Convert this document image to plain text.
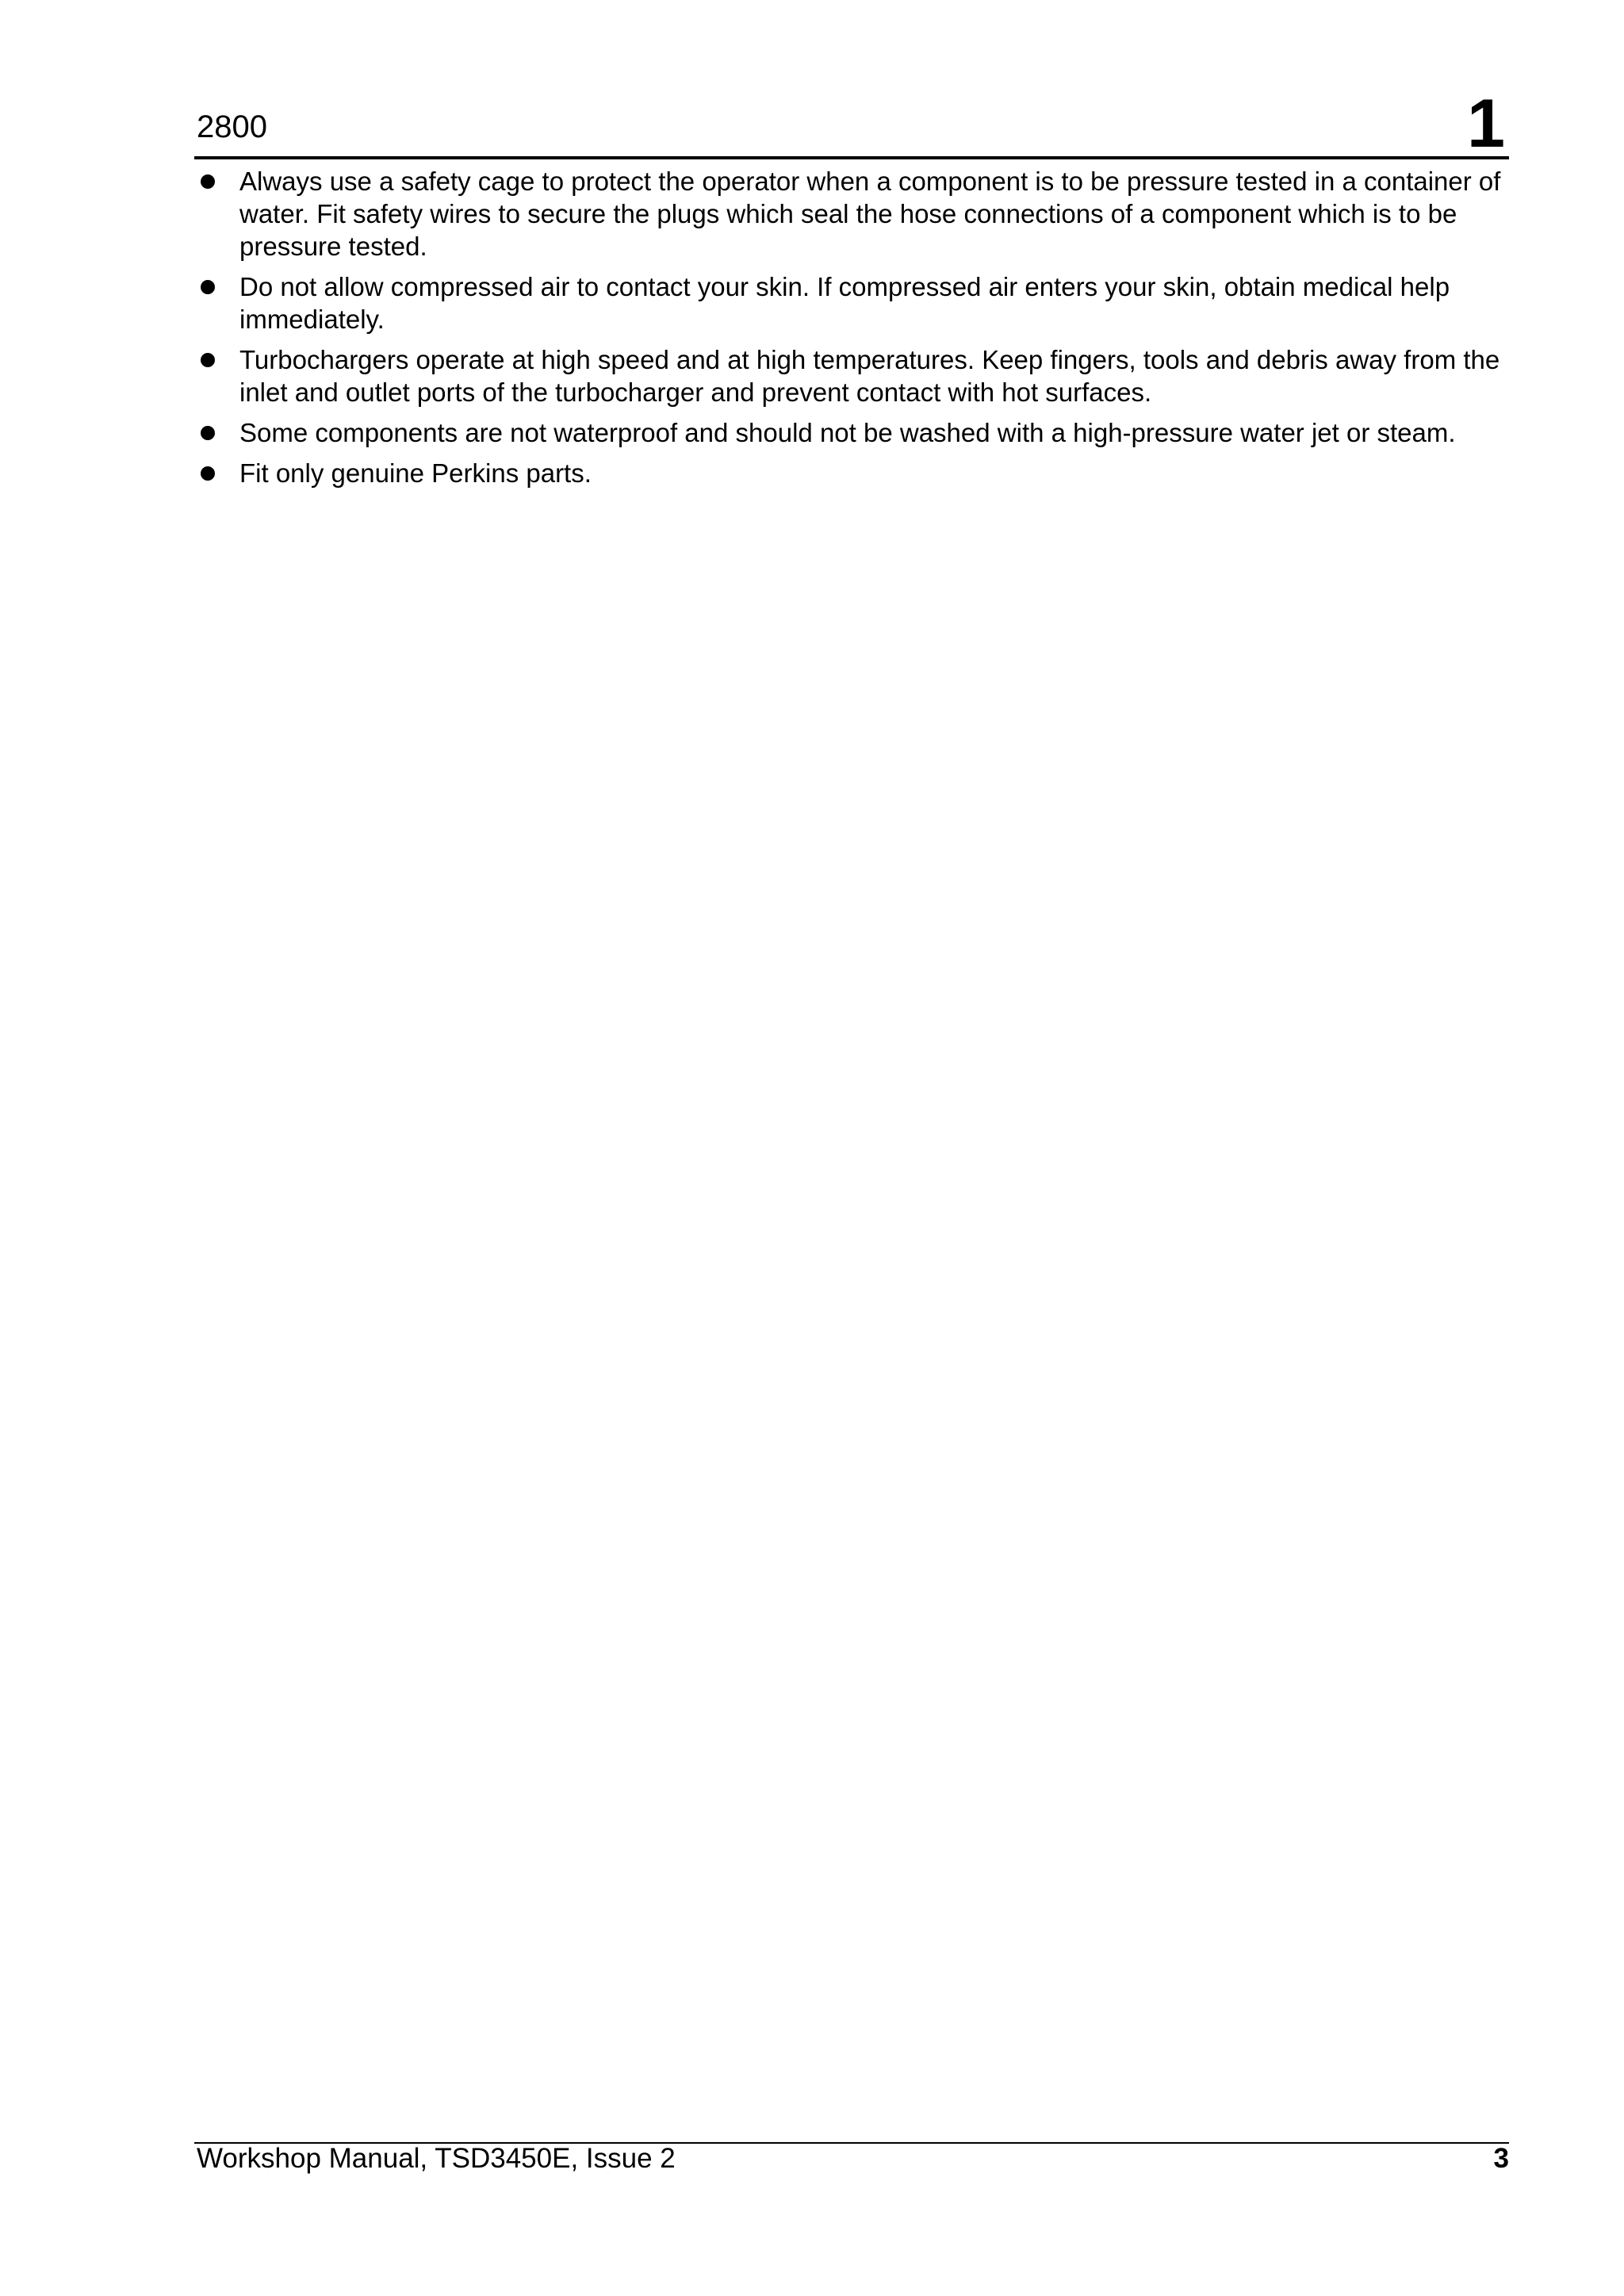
2800	1
Always use a safety cage to protect the operator when a component is to be pressure tested in a container of water. Fit safety wires to secure the plugs which seal the hose connections of a component which is to be pressure tested.
Do not allow compressed air to contact your skin. If compressed air enters your skin, obtain medical help immediately.
Turbochargers operate at high speed and at high temperatures. Keep fingers, tools and debris away from the inlet and outlet ports of the turbocharger and prevent contact with hot surfaces.
Some components are not waterproof and should not be washed with a high-pressure water jet or steam.
Fit only genuine Perkins parts.
Workshop Manual, TSD3450E, Issue 2	3
